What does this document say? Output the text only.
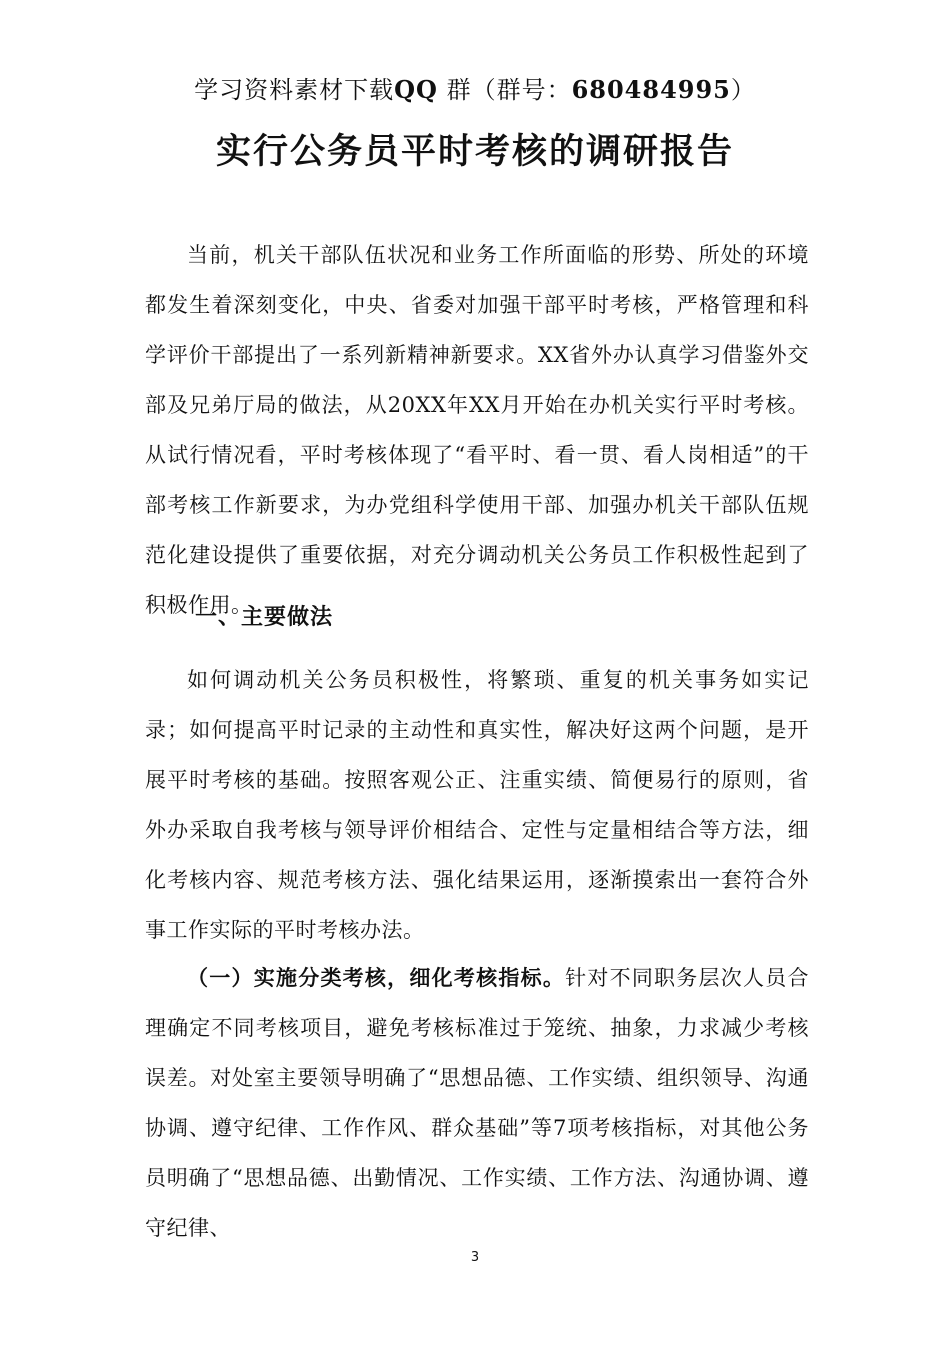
学习资料素材下载QQ 群（群号：680484995）
实行公务员平时考核的调研报告

当前，机关干部队伍状况和业务工作所面临的形势、所处的环境都发生着深刻变化，中央、省委对加强干部平时考核，严格管理和科学评价干部提出了一系列新精神新要求。XX省外办认真学习借鉴外交部及兄弟厅局的做法，从20XX年XX月开始在办机关实行平时考核。从试行情况看，平时考核体现了“看平时、看一贯、看人岗相适”的干部考核工作新要求，为办党组科学使用干部、加强办机关干部队伍规范化建设提供了重要依据，对充分调动机关公务员工作积极性起到了积极作用。

一、主要做法

如何调动机关公务员积极性，将繁琐、重复的机关事务如实记录；如何提高平时记录的主动性和真实性，解决好这两个问题，是开展平时考核的基础。按照客观公正、注重实绩、简便易行的原则，省外办采取自我考核与领导评价相结合、定性与定量相结合等方法，细化考核内容、规范考核方法、强化结果运用，逐渐摸索出一套符合外事工作实际的平时考核办法。

（一）实施分类考核，细化考核指标。针对不同职务层次人员合理确定不同考核项目，避免考核标准过于笼统、抽象，力求减少考核误差。对处室主要领导明确了“思想品德、工作实绩、组织领导、沟通协调、遵守纪律、工作作风、群众基础”等7项考核指标，对其他公务员明确了“思想品德、出勤情况、工作实绩、工作方法、沟通协调、遵守纪律、

3
